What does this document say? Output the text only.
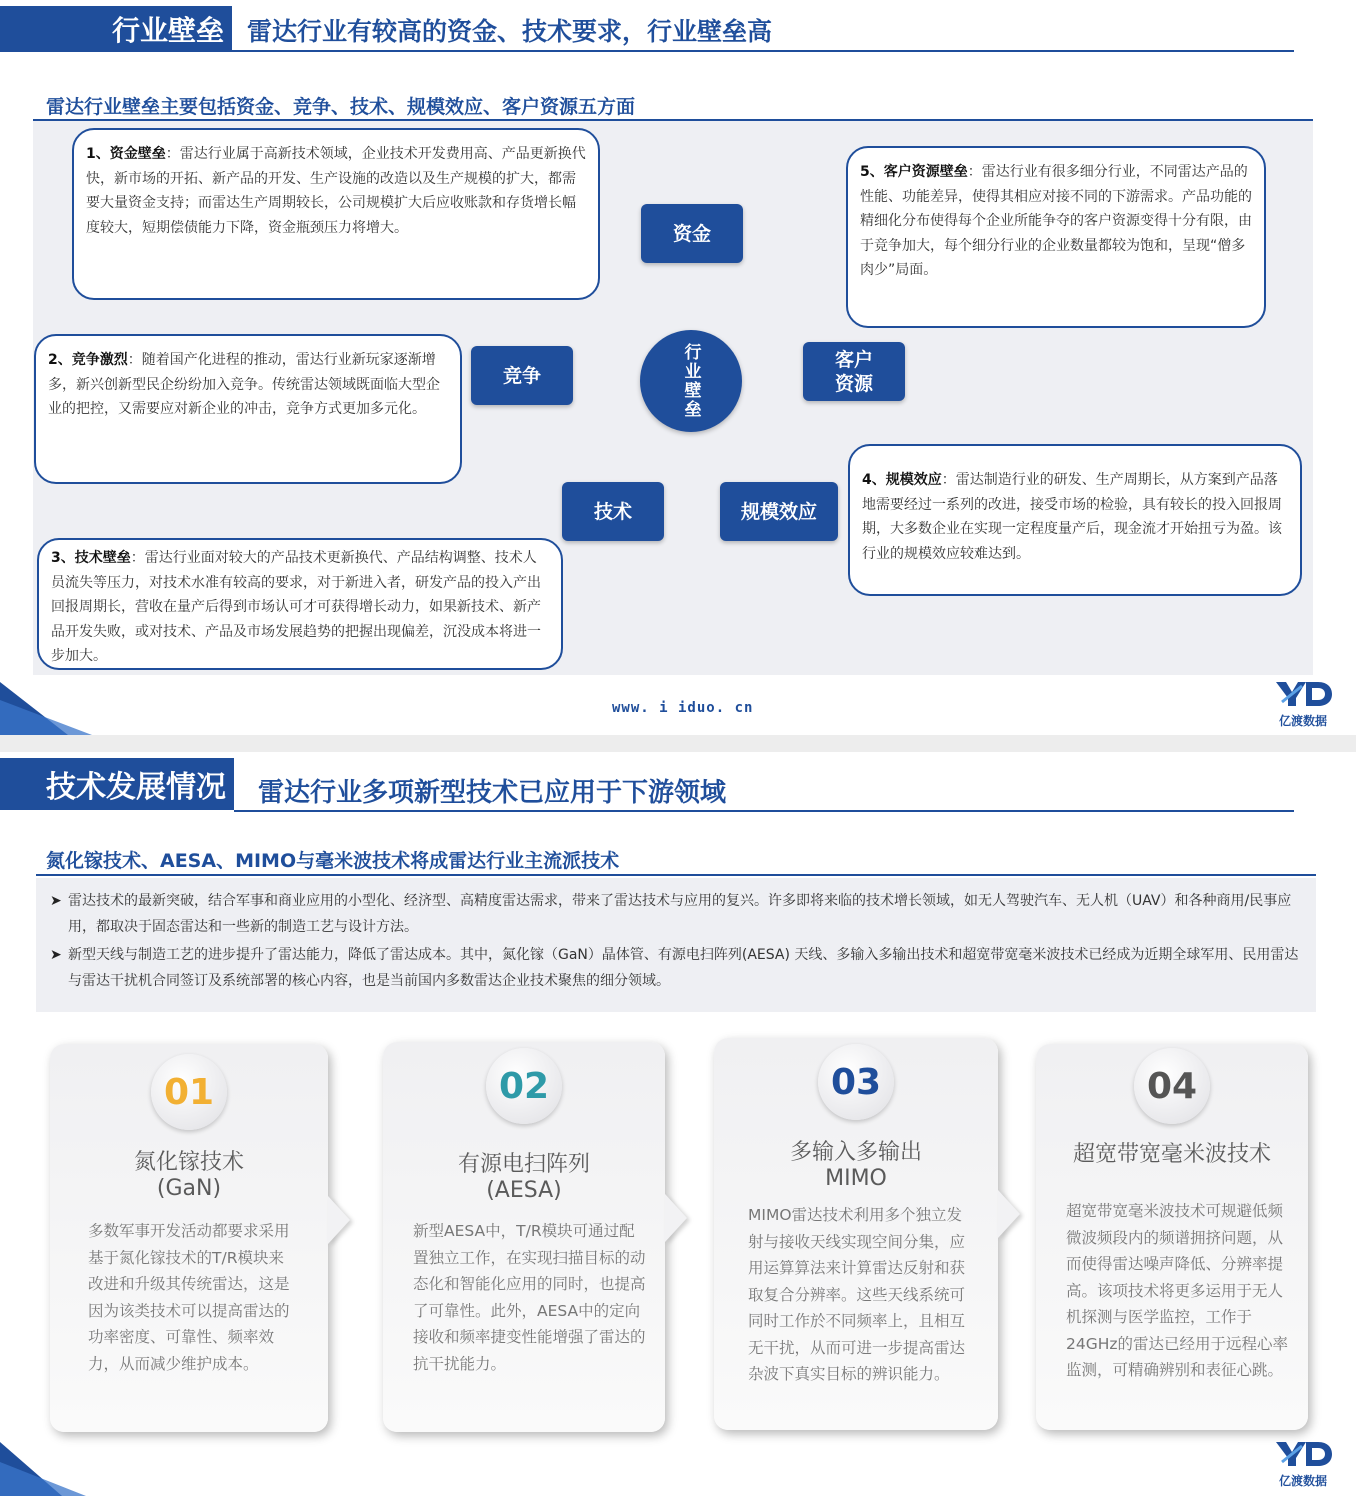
行业壁垒 雷达行业有较高的资金、技术要求，行业壁垒高
雷达行业壁垒主要包括资金、竞争、技术、规模效应、客户资源五方面
1、资金壁垒：雷达行业属于高新技术领域，企业技术开发费用高、产品更新换代快，新市场的开拓、新产品的开发、生产设施的改造以及生产规模的扩大，都需要大量资金支持；而雷达生产周期较长，公司规模扩大后应收账款和存货增长幅度较大，短期偿债能力下降，资金瓶颈压力将增大。
2、竞争激烈：随着国产化进程的推动，雷达行业新玩家逐渐增多，新兴创新型民企纷纷加入竞争。传统雷达领域既面临大型企业的把控，又需要应对新企业的冲击，竞争方式更加多元化。
3、技术壁垒：雷达行业面对较大的产品技术更新换代、产品结构调整、技术人员流失等压力，对技术水准有较高的要求，对于新进入者，研发产品的投入产出回报周期长，营收在量产后得到市场认可才可获得增长动力，如果新技术、新产品开发失败，或对技术、产品及市场发展趋势的把握出现偏差，沉没成本将进一步加大。
4、规模效应：雷达制造行业的研发、生产周期长，从方案到产品落地需要经过一系列的改进，接受市场的检验，具有较长的投入回报周期，大多数企业在实现一定程度量产后，现金流才开始扭亏为盈。该行业的规模效应较难达到。
5、客户资源壁垒：雷达行业有很多细分行业，不同雷达产品的性能、功能差异，使得其相应对接不同的下游需求。产品功能的精细化分布使得每个企业所能争夺的客户资源变得十分有限，由于竞争加大，每个细分行业的企业数量都较为饱和，呈现“僧多肉少”局面。
资金
竞争
客户
资源
技术	规模效应
行业壁垒
www. i iduo. cn
亿渡数据
技术发展情况 雷达行业多项新型技术已应用于下游领域
氮化镓技术、AESA、MIMO与毫米波技术将成雷达行业主流派技术
➤ 雷达技术的最新突破，结合军事和商业应用的小型化、经济型、高精度雷达需求，带来了雷达技术与应用的复兴。许多即将来临的技术增长领域，如无人驾驶汽车、无人机（UAV）和各种商用/民事应用，都取决于固态雷达和一些新的制造工艺与设计方法。
➤ 新型天线与制造工艺的进步提升了雷达能力，降低了雷达成本。其中，氮化镓（GaN）晶体管、有源电扫阵列(AESA) 天线、多输入多输出技术和超宽带宽毫米波技术已经成为近期全球军用、民用雷达与雷达干扰机合同签订及系统部署的核心内容，也是当前国内多数雷达企业技术聚焦的细分领域。
01
氮化镓技术
(GaN)
多数军事开发活动都要求采用基于氮化镓技术的T/R模块来改进和升级其传统雷达，这是因为该类技术可以提高雷达的功率密度、可靠性、频率效力，从而减少维护成本。
02
有源电扫阵列
(AESA)
新型AESA中，T/R模块可通过配置独立工作，在实现扫描目标的动态化和智能化应用的同时，也提高了可靠性。此外，AESA中的定向接收和频率捷变性能增强了雷达的抗干扰能力。
03
多输入多输出
MIMO
MIMO雷达技术利用多个独立发射与接收天线实现空间分集，应用运算算法来计算雷达反射和获取复合分辨率。这些天线系统可同时工作於不同频率上，且相互无干扰，从而可进一步提高雷达杂波下真实目标的辨识能力。
04
超宽带宽毫米波技术
超宽带宽毫米波技术可规避低频微波频段内的频谱拥挤问题，从而使得雷达噪声降低、分辨率提高。该项技术将更多运用于无人机探测与医学监控，工作于24GHz的雷达已经用于远程心率监测，可精确辨别和表征心跳。
亿渡数据
